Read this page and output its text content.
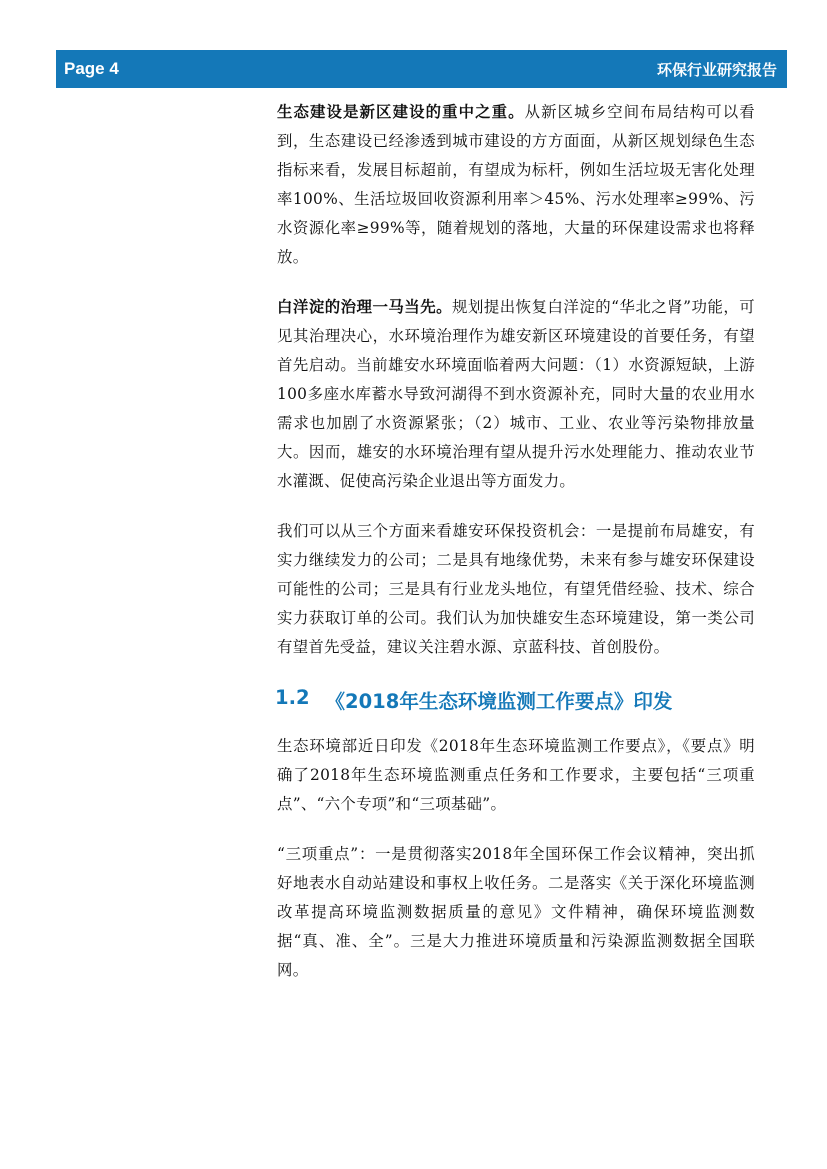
Page 4	环保行业研究报告

生态建设是新区建设的重中之重。从新区城乡空间布局结构可以看到，生态建设已经渗透到城市建设的方方面面，从新区规划绿色生态指标来看，发展目标超前，有望成为标杆，例如生活垃圾无害化处理率100%、生活垃圾回收资源利用率＞45%、污水处理率≥99%、污水资源化率≥99%等，随着规划的落地，大量的环保建设需求也将释放。

白洋淀的治理一马当先。规划提出恢复白洋淀的“华北之肾”功能，可见其治理决心，水环境治理作为雄安新区环境建设的首要任务，有望首先启动。当前雄安水环境面临着两大问题：（1）水资源短缺，上游100多座水库蓄水导致河湖得不到水资源补充，同时大量的农业用水需求也加剧了水资源紧张；（2）城市、工业、农业等污染物排放量大。因而，雄安的水环境治理有望从提升污水处理能力、推动农业节水灌溉、促使高污染企业退出等方面发力。

我们可以从三个方面来看雄安环保投资机会：一是提前布局雄安，有实力继续发力的公司；二是具有地缘优势，未来有参与雄安环保建设可能性的公司；三是具有行业龙头地位，有望凭借经验、技术、综合实力获取订单的公司。我们认为加快雄安生态环境建设，第一类公司有望首先受益，建议关注碧水源、京蓝科技、首创股份。

1.2 《2018年生态环境监测工作要点》印发

生态环境部近日印发《2018年生态环境监测工作要点》，《要点》明确了2018年生态环境监测重点任务和工作要求，主要包括“三项重点”、“六个专项”和“三项基础”。

“三项重点”：一是贯彻落实2018年全国环保工作会议精神，突出抓好地表水自动站建设和事权上收任务。二是落实《关于深化环境监测改革提高环境监测数据质量的意见》文件精神，确保环境监测数据“真、准、全”。三是大力推进环境质量和污染源监测数据全国联网。
